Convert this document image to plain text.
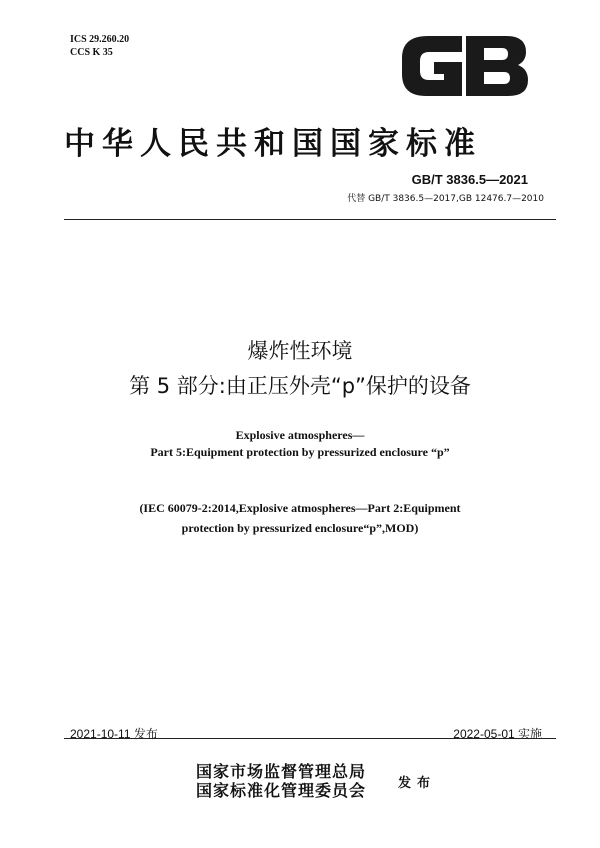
ICS 29.260.20
CCS K 35
中华人民共和国国家标准
GB/T 3836.5—2021
代替 GB/T 3836.5—2017,GB 12476.7—2010
爆炸性环境
第 5 部分:由正压外壳“p”保护的设备
Explosive atmospheres—
Part 5:Equipment protection by pressurized enclosure “p”
(IEC 60079-2:2014,Explosive atmospheres—Part 2:Equipment
protection by pressurized enclosure“p”,MOD)
2021-10-11 发布	2022-05-01 实施
国家市场监督管理总局
国家标准化管理委员会 发布
